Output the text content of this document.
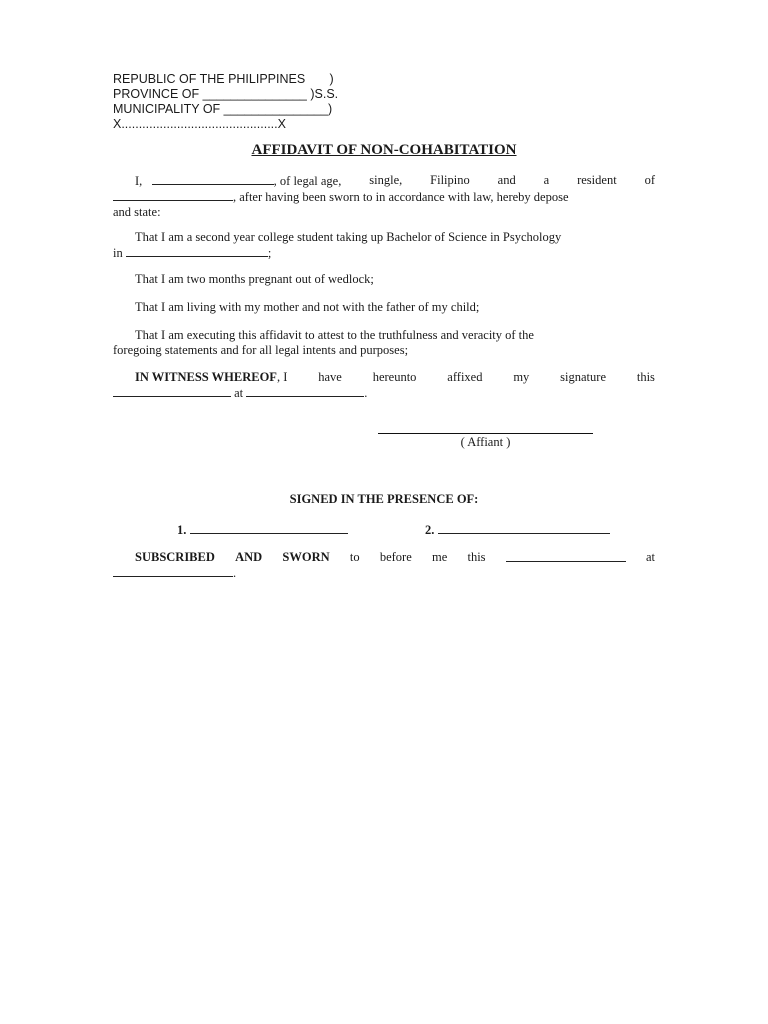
REPUBLIC OF THE PHILIPPINES       )
PROVINCE OF _______________ )S.S.
MUNICIPALITY OF _______________)
X.............................................X
AFFIDAVIT OF NON-COHABITATION
I,	, of legal age, single, Filipino and a resident of
, after having been sworn to in accordance with law, hereby depose
and state:
That I am a second year college student taking up Bachelor of Science in Psychology
in	;
That I am two months pregnant out of wedlock;
That I am living with my mother and not with the father of my child;
That I am executing this affidavit to attest to the truthfulness and veracity of the
foregoing statements and for all legal intents and purposes;
IN WITNESS WHEREOF, I have hereunto affixed my signature this
at	.
( Affiant )
SIGNED IN THE PRESENCE OF:
1.	2.
SUBSCRIBED AND SWORN to before me this	at
.
